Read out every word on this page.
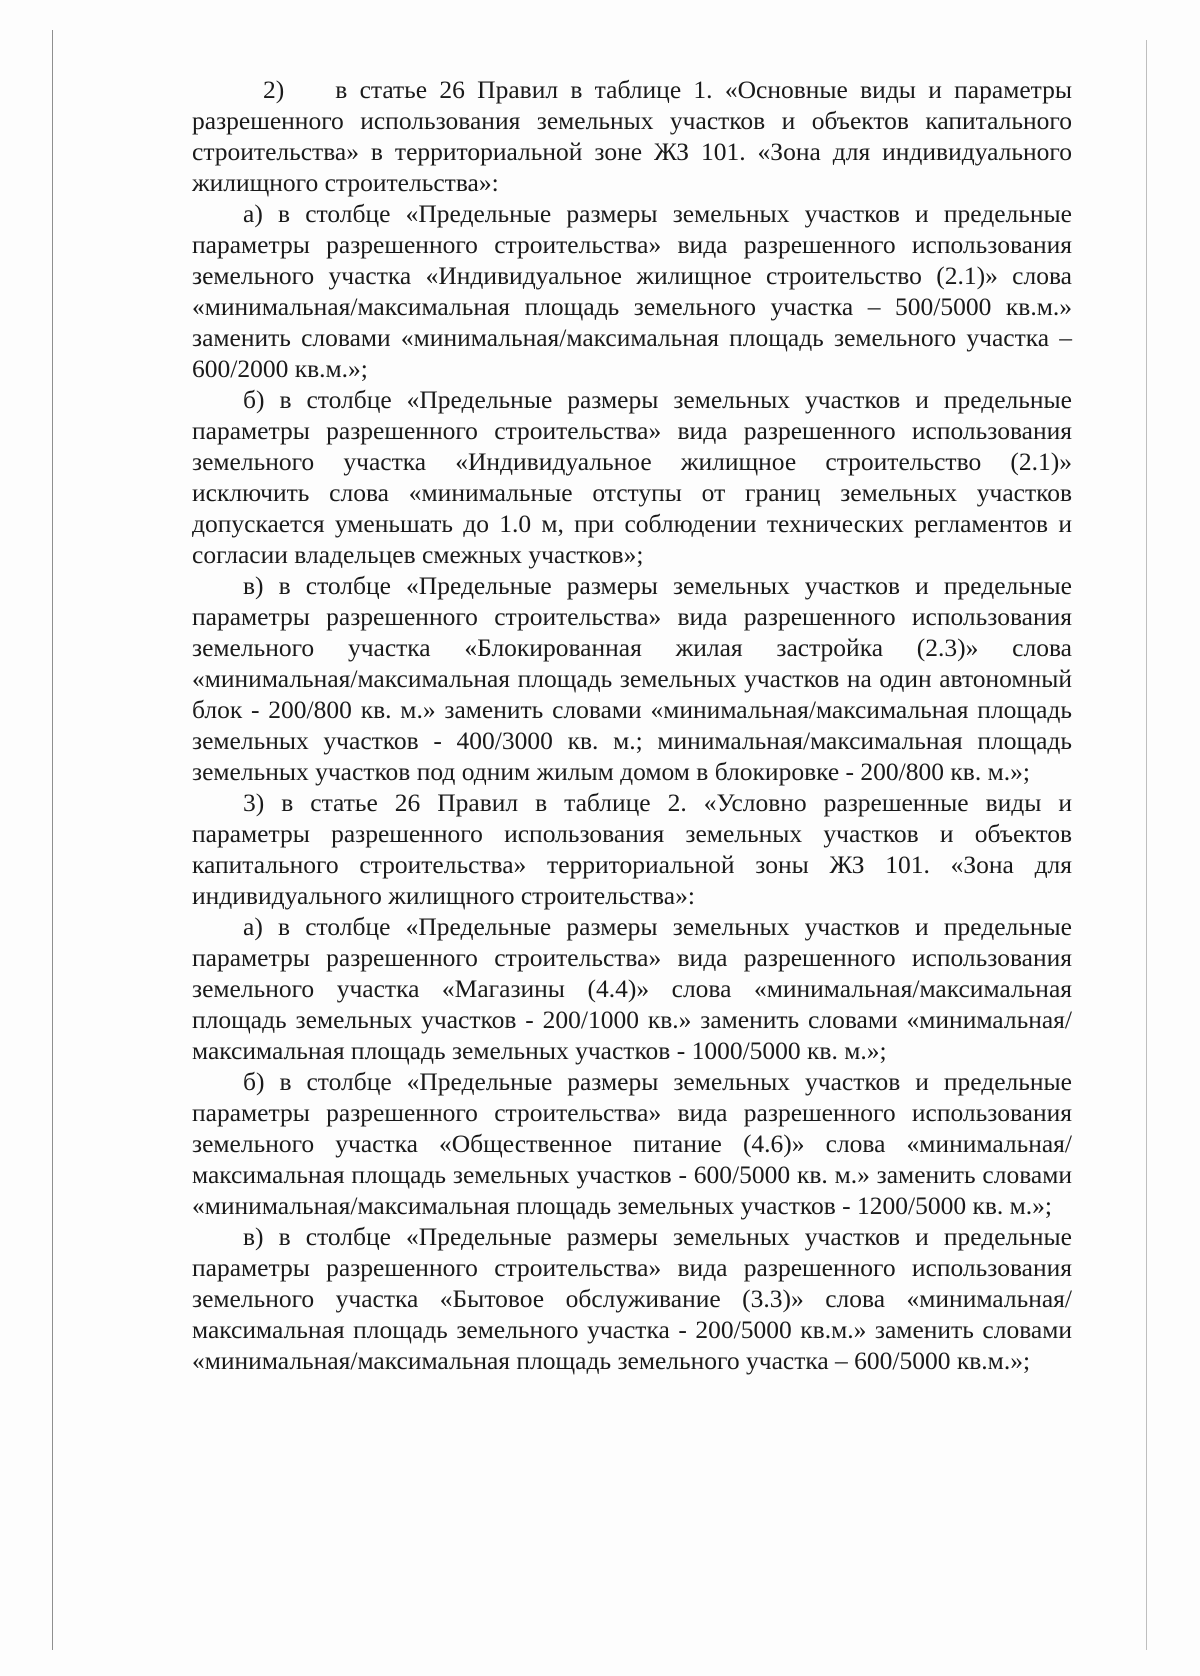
2)  в статье 26 Правил в таблице 1. «Основные виды и параметры разрешенного использования земельных участков и объектов капитального строительства» в территориальной зоне ЖЗ 101. «Зона для индивидуального жилищного строительства»:

а) в столбце «Предельные размеры земельных участков и предельные параметры разрешенного строительства» вида разрешенного использования земельного участка «Индивидуальное жилищное строительство (2.1)» слова «минимальная/максимальная площадь земельного участка – 500/5000 кв.м.» заменить словами «минимальная/максимальная площадь земельного участка – 600/2000 кв.м.»;

б) в столбце «Предельные размеры земельных участков и предельные параметры разрешенного строительства» вида разрешенного использования земельного участка «Индивидуальное жилищное строительство (2.1)» исключить слова «минимальные отступы от границ земельных участков допускается уменьшать до 1.0 м, при соблюдении технических регламентов и согласии владельцев смежных участков»;

в) в столбце «Предельные размеры земельных участков и предельные параметры разрешенного строительства» вида разрешенного использования земельного участка «Блокированная жилая застройка (2.3)» слова «минимальная/максимальная площадь земельных участков на один автономный блок - 200/800 кв. м.» заменить словами «минимальная/максимальная площадь земельных участков - 400/3000 кв. м.; минимальная/максимальная площадь земельных участков под одним жилым домом в блокировке - 200/800 кв. м.»;

3) в статье 26 Правил в таблице 2. «Условно разрешенные виды и параметры разрешенного использования земельных участков и объектов капитального строительства» территориальной зоны ЖЗ 101. «Зона для индивидуального жилищного строительства»:

а) в столбце «Предельные размеры земельных участков и предельные параметры разрешенного строительства» вида разрешенного использования земельного участка «Магазины (4.4)» слова «минимальная/максимальная площадь земельных участков - 200/1000 кв.» заменить словами «минимальная/максимальная площадь земельных участков - 1000/5000 кв. м.»;

б) в столбце «Предельные размеры земельных участков и предельные параметры разрешенного строительства» вида разрешенного использования земельного участка «Общественное питание (4.6)» слова «минимальная/максимальная площадь земельных участков - 600/5000 кв. м.» заменить словами «минимальная/максимальная площадь земельных участков - 1200/5000 кв. м.»;

в) в столбце «Предельные размеры земельных участков и предельные параметры разрешенного строительства» вида разрешенного использования земельного участка «Бытовое обслуживание (3.3)» слова «минимальная/максимальная площадь земельного участка - 200/5000 кв.м.» заменить словами «минимальная/максимальная площадь земельного участка – 600/5000 кв.м.»;
